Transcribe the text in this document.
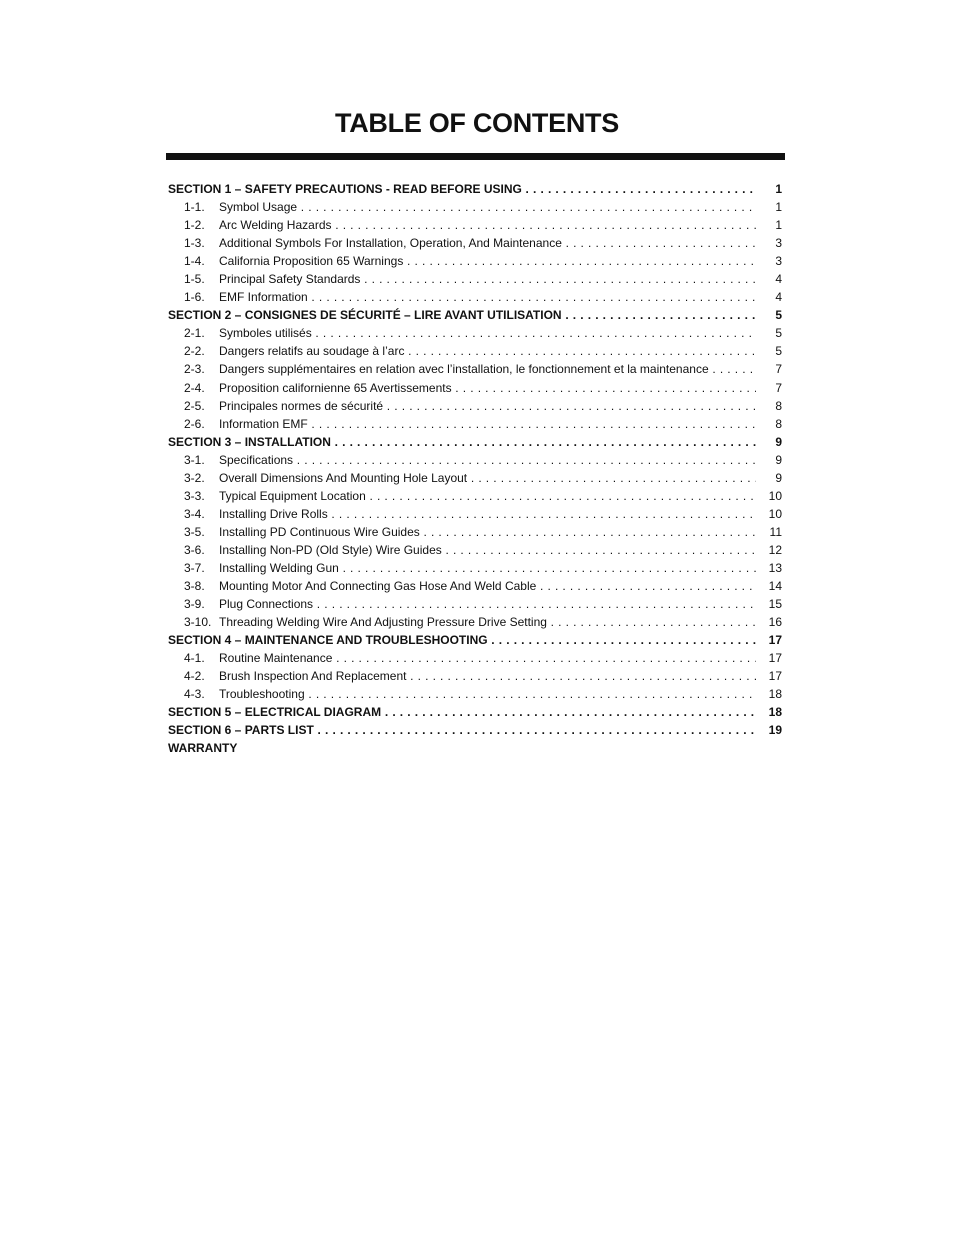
TABLE OF CONTENTS
SECTION 1 – SAFETY PRECAUTIONS - READ BEFORE USING . . .	1
1-1. Symbol Usage . . .	1
1-2. Arc Welding Hazards . . .	1
1-3. Additional Symbols For Installation, Operation, And Maintenance . . .	3
1-4. California Proposition 65 Warnings . . .	3
1-5. Principal Safety Standards . . .	4
1-6. EMF Information . . .	4
SECTION 2 – CONSIGNES DE SÉCURITÉ – LIRE AVANT UTILISATION . . .	5
2-1. Symboles utilisés . . .	5
2-2. Dangers relatifs au soudage à l’arc . . .	5
2-3. Dangers supplémentaires en relation avec l’installation, le fonctionnement et la maintenance . . .	7
2-4. Proposition californienne 65 Avertissements . . .	7
2-5. Principales normes de sécurité . . .	8
2-6. Information EMF . . .	8
SECTION 3 – INSTALLATION . . .	9
3-1. Specifications . . .	9
3-2. Overall Dimensions And Mounting Hole Layout . . .	9
3-3. Typical Equipment Location . . .	10
3-4. Installing Drive Rolls . . .	10
3-5. Installing PD Continuous Wire Guides . . .	11
3-6. Installing Non-PD (Old Style) Wire Guides . . .	12
3-7. Installing Welding Gun . . .	13
3-8. Mounting Motor And Connecting Gas Hose And Weld Cable . . .	14
3-9. Plug Connections . . .	15
3-10. Threading Welding Wire And Adjusting Pressure Drive Setting . . .	16
SECTION 4 – MAINTENANCE AND TROUBLESHOOTING . . .	17
4-1. Routine Maintenance . . .	17
4-2. Brush Inspection And Replacement . . .	17
4-3. Troubleshooting . . .	18
SECTION 5 – ELECTRICAL DIAGRAM . . .	18
SECTION 6 – PARTS LIST . . .	19
WARRANTY
